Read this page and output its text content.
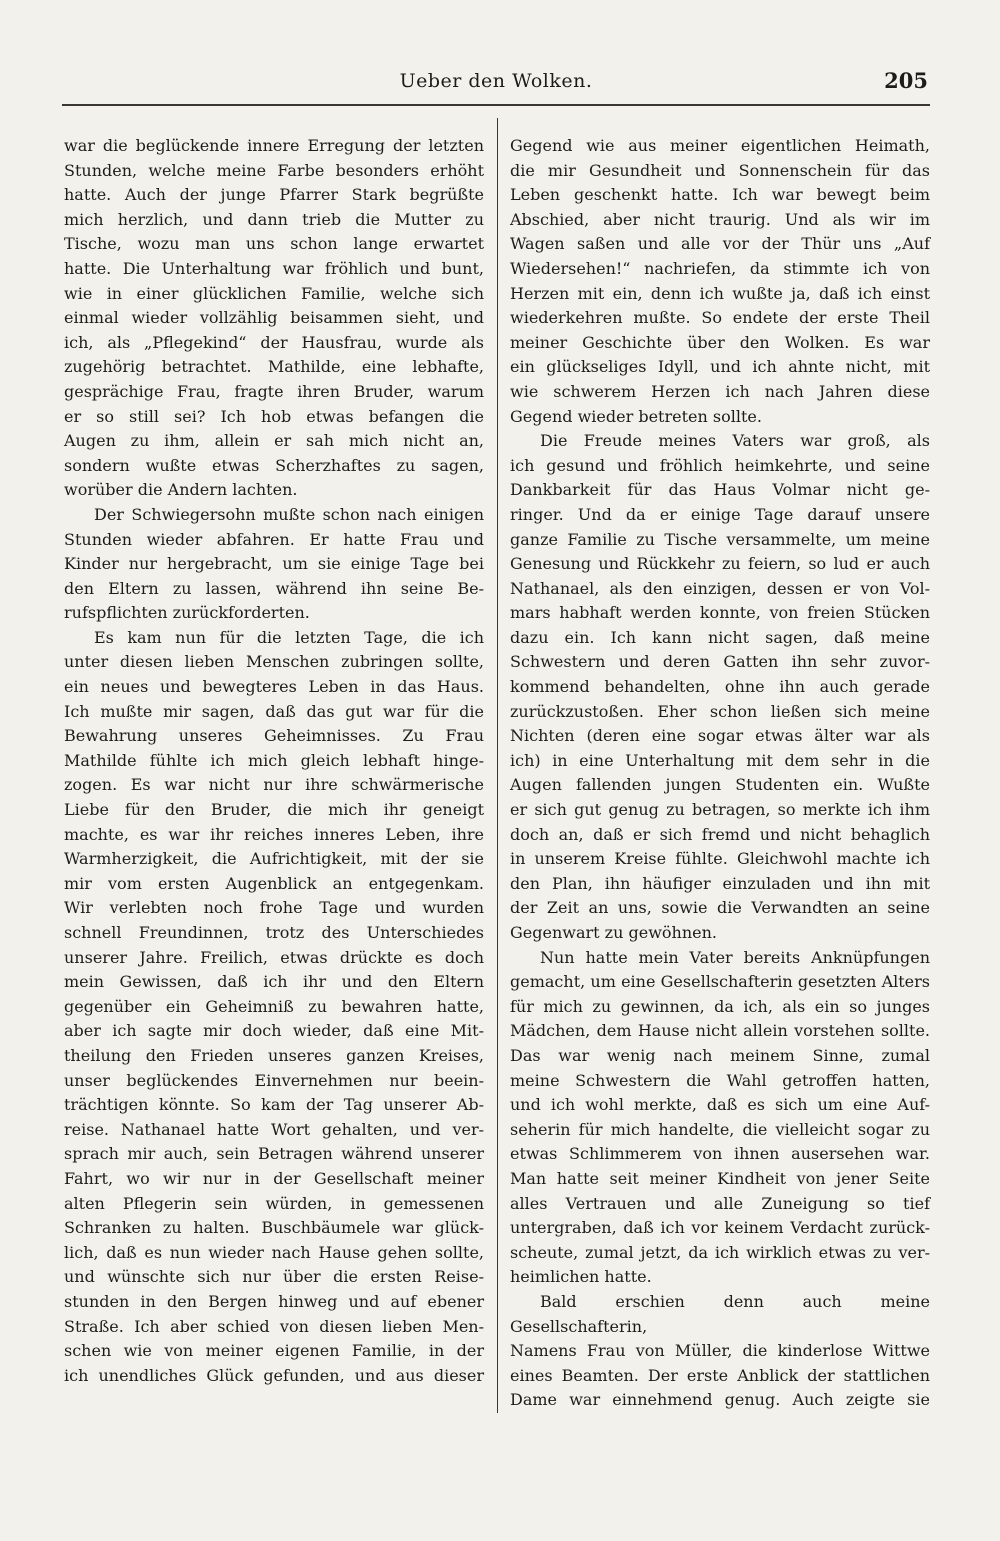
Ueber den Wolken.	205

war die beglückende innere Erregung der letzten

Stunden, welche meine Farbe besonders erhöht

hatte. Auch der junge Pfarrer Stark begrüßte

mich herzlich, und dann trieb die Mutter zu

Tische, wozu man uns schon lange erwartet

hatte. Die Unterhaltung war fröhlich und bunt,

wie in einer glücklichen Familie, welche sich

einmal wieder vollzählig beisammen sieht, und

ich, als „Pflegekind“ der Hausfrau, wurde als

zugehörig betrachtet. Mathilde, eine lebhafte,

gesprächige Frau, fragte ihren Bruder, warum

er so still sei? Ich hob etwas befangen die

Augen zu ihm, allein er sah mich nicht an,

sondern wußte etwas Scherzhaftes zu sagen,

worüber die Andern lachten.

Der Schwiegersohn mußte schon nach einigen

Stunden wieder abfahren. Er hatte Frau und

Kinder nur hergebracht, um sie einige Tage bei

den Eltern zu lassen, während ihn seine Be-

rufspflichten zurückforderten.

Es kam nun für die letzten Tage, die ich

unter diesen lieben Menschen zubringen sollte,

ein neues und bewegteres Leben in das Haus.

Ich mußte mir sagen, daß das gut war für die

Bewahrung unseres Geheimnisses. Zu Frau

Mathilde fühlte ich mich gleich lebhaft hinge-

zogen. Es war nicht nur ihre schwärmerische

Liebe für den Bruder, die mich ihr geneigt

machte, es war ihr reiches inneres Leben, ihre

Warmherzigkeit, die Aufrichtigkeit, mit der sie

mir vom ersten Augenblick an entgegenkam.

Wir verlebten noch frohe Tage und wurden

schnell Freundinnen, trotz des Unterschiedes

unserer Jahre. Freilich, etwas drückte es doch

mein Gewissen, daß ich ihr und den Eltern

gegenüber ein Geheimniß zu bewahren hatte,

aber ich sagte mir doch wieder, daß eine Mit-

theilung den Frieden unseres ganzen Kreises,

unser beglückendes Einvernehmen nur beein-

trächtigen könnte. So kam der Tag unserer Ab-

reise. Nathanael hatte Wort gehalten, und ver-

sprach mir auch, sein Betragen während unserer

Fahrt, wo wir nur in der Gesellschaft meiner

alten Pflegerin sein würden, in gemessenen

Schranken zu halten. Buschbäumele war glück-

lich, daß es nun wieder nach Hause gehen sollte,

und wünschte sich nur über die ersten Reise-

stunden in den Bergen hinweg und auf ebener

Straße. Ich aber schied von diesen lieben Men-

schen wie von meiner eigenen Familie, in der

ich unendliches Glück gefunden, und aus dieser

Gegend wie aus meiner eigentlichen Heimath,

die mir Gesundheit und Sonnenschein für das

Leben geschenkt hatte. Ich war bewegt beim

Abschied, aber nicht traurig. Und als wir im

Wagen saßen und alle vor der Thür uns „Auf

Wiedersehen!“ nachriefen, da stimmte ich von

Herzen mit ein, denn ich wußte ja, daß ich einst

wiederkehren mußte. So endete der erste Theil

meiner Geschichte über den Wolken. Es war

ein glückseliges Idyll, und ich ahnte nicht, mit

wie schwerem Herzen ich nach Jahren diese

Gegend wieder betreten sollte.

Die Freude meines Vaters war groß, als

ich gesund und fröhlich heimkehrte, und seine

Dankbarkeit für das Haus Volmar nicht ge-

ringer. Und da er einige Tage darauf unsere

ganze Familie zu Tische versammelte, um meine

Genesung und Rückkehr zu feiern, so lud er auch

Nathanael, als den einzigen, dessen er von Vol-

mars habhaft werden konnte, von freien Stücken

dazu ein. Ich kann nicht sagen, daß meine

Schwestern und deren Gatten ihn sehr zuvor-

kommend behandelten, ohne ihn auch gerade

zurückzustoßen. Eher schon ließen sich meine

Nichten (deren eine sogar etwas älter war als

ich) in eine Unterhaltung mit dem sehr in die

Augen fallenden jungen Studenten ein. Wußte

er sich gut genug zu betragen, so merkte ich ihm

doch an, daß er sich fremd und nicht behaglich

in unserem Kreise fühlte. Gleichwohl machte ich

den Plan, ihn häufiger einzuladen und ihn mit

der Zeit an uns, sowie die Verwandten an seine

Gegenwart zu gewöhnen.

Nun hatte mein Vater bereits Anknüpfungen

gemacht, um eine Gesellschafterin gesetzten Alters

für mich zu gewinnen, da ich, als ein so junges

Mädchen, dem Hause nicht allein vorstehen sollte.

Das war wenig nach meinem Sinne, zumal

meine Schwestern die Wahl getroffen hatten,

und ich wohl merkte, daß es sich um eine Auf-

seherin für mich handelte, die vielleicht sogar zu

etwas Schlimmerem von ihnen ausersehen war.

Man hatte seit meiner Kindheit von jener Seite

alles Vertrauen und alle Zuneigung so tief

untergraben, daß ich vor keinem Verdacht zurück-

scheute, zumal jetzt, da ich wirklich etwas zu ver-

heimlichen hatte.

Bald erschien denn auch meine Gesellschafterin,

Namens Frau von Müller, die kinderlose Wittwe

eines Beamten. Der erste Anblick der stattlichen

Dame war einnehmend genug. Auch zeigte sie
